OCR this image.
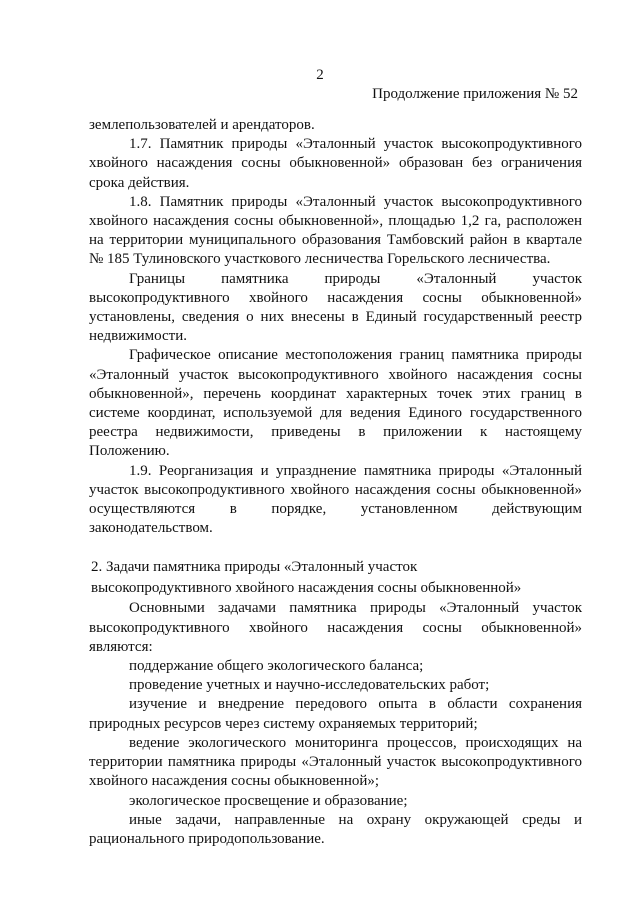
2
Продолжение приложения № 52

землепользователей и арендаторов.

1.7. Памятник природы «Эталонный участок высокопродуктивного хвойного насаждения сосны обыкновенной» образован без ограничения срока действия.

1.8. Памятник природы «Эталонный участок высокопродуктивного хвойного насаждения сосны обыкновенной», площадью 1,2 га, расположен на территории муниципального образования Тамбовский район в квартале № 185 Тулиновского участкового лесничества Горельского лесничества.

Границы памятника природы «Эталонный участок высокопродуктивного хвойного насаждения сосны обыкновенной» установлены, сведения о них внесены в Единый государственный реестр недвижимости.

Графическое описание местоположения границ памятника природы «Эталонный участок высокопродуктивного хвойного насаждения сосны обыкновенной», перечень координат характерных точек этих границ в системе координат, используемой для ведения Единого государственного реестра недвижимости, приведены в приложении к настоящему Положению.

1.9. Реорганизация и упразднение памятника природы «Эталонный участок высокопродуктивного хвойного насаждения сосны обыкновенной» осуществляются в порядке, установленном действующим законодательством.

2. Задачи памятника природы «Эталонный участок

высокопродуктивного хвойного насаждения сосны обыкновенной»

Основными задачами памятника природы «Эталонный участок высокопродуктивного хвойного насаждения сосны обыкновенной» являются:

поддержание общего экологического баланса;

проведение учетных и научно-исследовательских работ;

изучение и внедрение передового опыта в области сохранения природных ресурсов через систему охраняемых территорий;

ведение экологического мониторинга процессов, происходящих на территории памятника природы «Эталонный участок высокопродуктивного хвойного насаждения сосны обыкновенной»;

экологическое просвещение и образование;

иные задачи, направленные на охрану окружающей среды и рационального природопользование.
